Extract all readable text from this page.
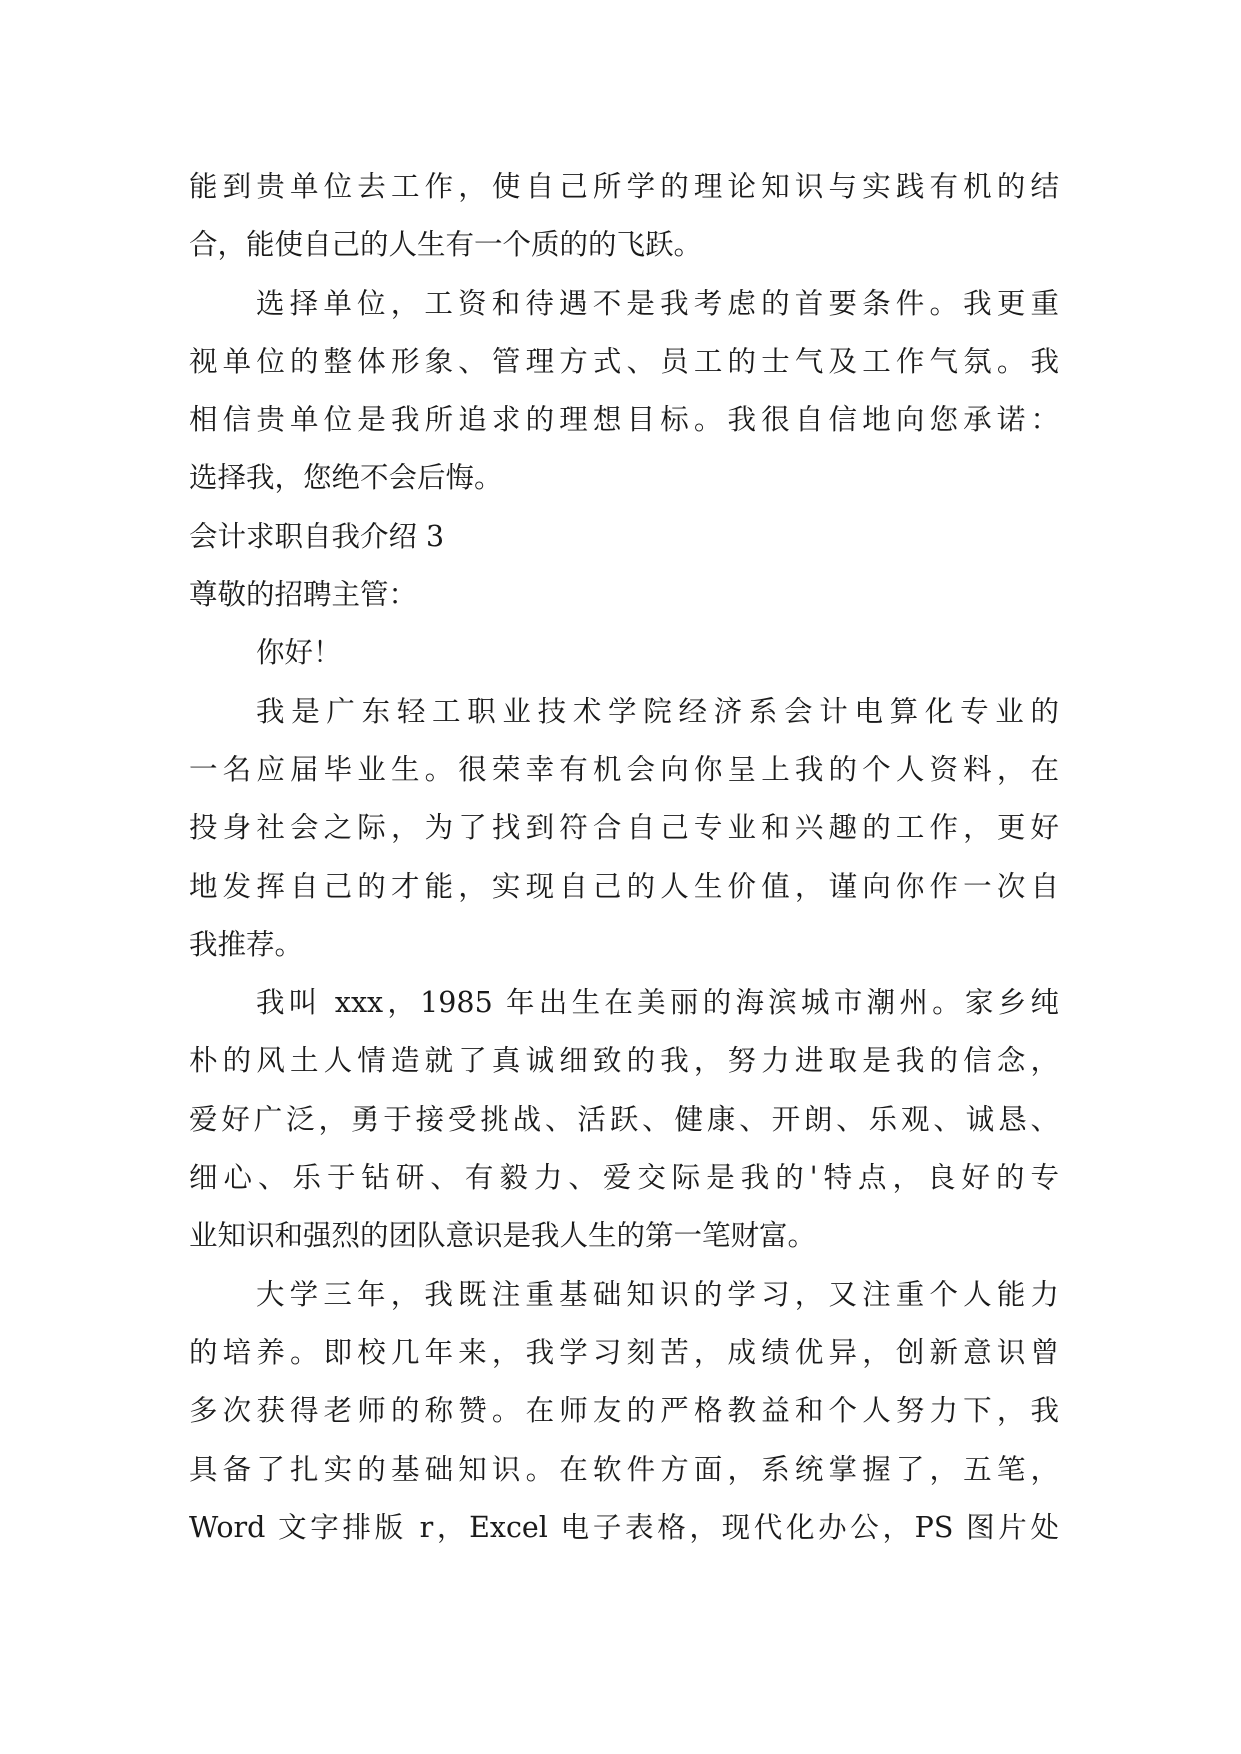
能到贵单位去工作，使自己所学的理论知识与实践有机的结
合，能使自己的人生有一个质的的飞跃。
选择单位，工资和待遇不是我考虑的首要条件。我更重
视单位的整体形象、管理方式、员工的士气及工作气氛。我
相信贵单位是我所追求的理想目标。我很自信地向您承诺：
选择我，您绝不会后悔。
会计求职自我介绍 3
尊敬的招聘主管：
你好！
我是广东轻工职业技术学院经济系会计电算化专业的
一名应届毕业生。很荣幸有机会向你呈上我的个人资料，在
投身社会之际，为了找到符合自己专业和兴趣的工作，更好
地发挥自己的才能，实现自己的人生价值，谨向你作一次自
我推荐。
我叫 xxx，1985 年出生在美丽的海滨城市潮州。家乡纯
朴的风土人情造就了真诚细致的我，努力进取是我的信念，
爱好广泛，勇于接受挑战、活跃、健康、开朗、乐观、诚恳、
细心、乐于钻研、有毅力、爱交际是我的'特点，良好的专
业知识和强烈的团队意识是我人生的第一笔财富。
大学三年，我既注重基础知识的学习，又注重个人能力
的培养。即校几年来，我学习刻苦，成绩优异，创新意识曾
多次获得老师的称赞。在师友的严格教益和个人努力下，我
具备了扎实的基础知识。在软件方面，系统掌握了，五笔，
Word 文字排版 r，Excel 电子表格，现代化办公，PS 图片处
